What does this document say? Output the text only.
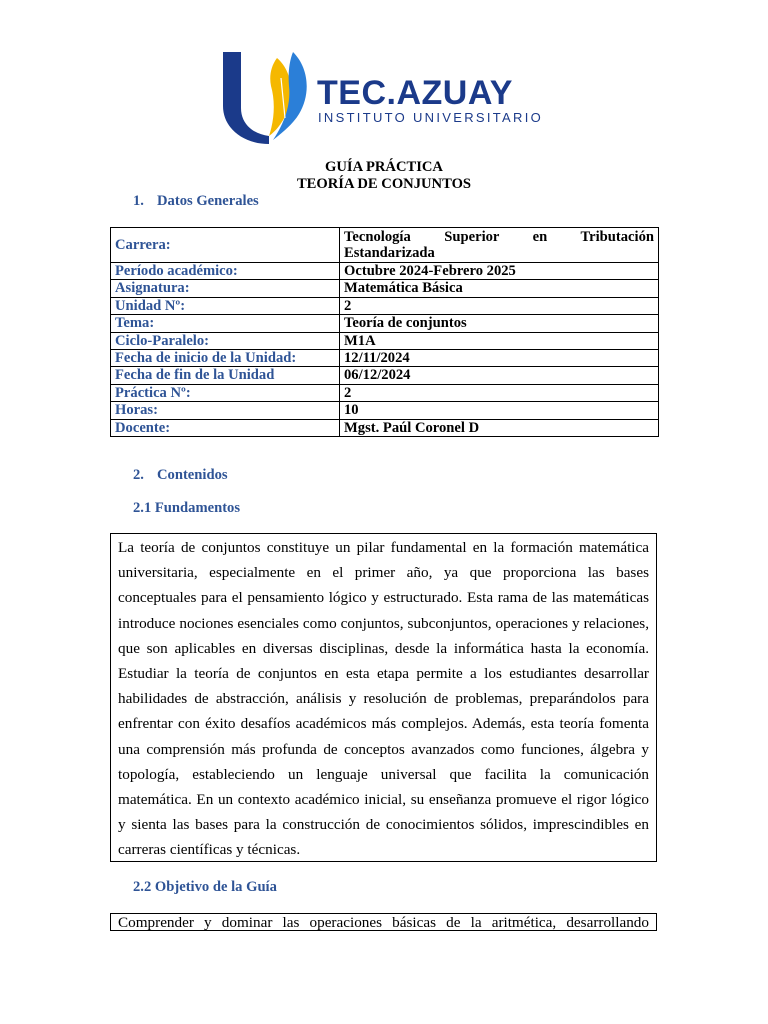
TEC.AZUAY

INSTITUTO UNIVERSITARIO

GUÍA PRÁCTICA

TEORÍA DE CONJUNTOS

1. Datos Generales

Carrera:	Tecnología Superior en Tributación Estandarizada
Período académico:	Octubre 2024-Febrero 2025
Asignatura:	Matemática Básica
Unidad Nº:	2
Tema:	Teoría de conjuntos
Ciclo-Paralelo:	M1A
Fecha de inicio de la Unidad:	12/11/2024
Fecha de fin de la Unidad	06/12/2024
Práctica Nº:	2
Horas:	10
Docente:	Mgst. Paúl Coronel D

2. Contenidos

2.1 Fundamentos

La teoría de conjuntos constituye un pilar fundamental en la formación matemática universitaria, especialmente en el primer año, ya que proporciona las bases conceptuales para el pensamiento lógico y estructurado. Esta rama de las matemáticas introduce nociones esenciales como conjuntos, subconjuntos, operaciones y relaciones, que son aplicables en diversas disciplinas, desde la informática hasta la economía. Estudiar la teoría de conjuntos en esta etapa permite a los estudiantes desarrollar habilidades de abstracción, análisis y resolución de problemas, preparándolos para enfrentar con éxito desafíos académicos más complejos. Además, esta teoría fomenta una comprensión más profunda de conceptos avanzados como funciones, álgebra y topología, estableciendo un lenguaje universal que facilita la comunicación matemática. En un contexto académico inicial, su enseñanza promueve el rigor lógico y sienta las bases para la construcción de conocimientos sólidos, imprescindibles en carreras científicas y técnicas.

2.2 Objetivo de la Guía

Comprender y dominar las operaciones básicas de la aritmética, desarrollando
